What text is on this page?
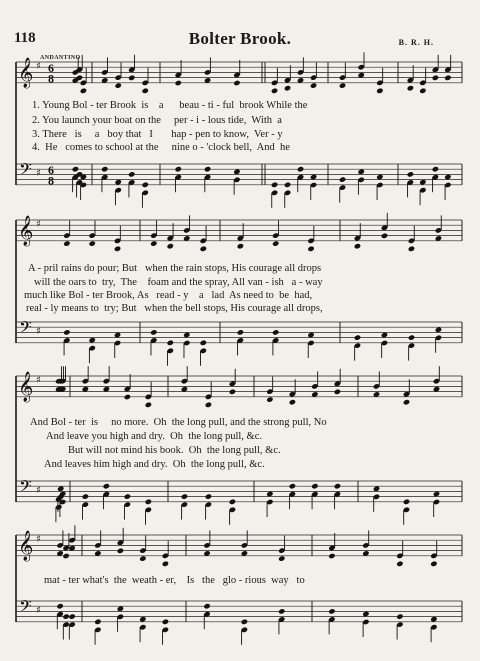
118	Bolter Brook.	B. R. H.
ANDANTINO
𝄞 ♯ 6
8
𝄢 ♯ 6
8
𝄞 ♯
𝄢 ♯
𝄞 ♯
𝄢 ♯
𝄞 ♯
𝄢 ♯
1. Young Bol - ter Brook  is    a      beau - ti - ful  brook While the
2. You launch your boat on the     per - i - lous tide,  With  a
3. There   is     a   boy that   I       hap - pen to know,  Ver - y
4.  He   comes to school at the     nine o - 'clock bell,  And  he
A - pril rains do pour; But   when the rain stops, His courage all drops
will the oars to  try,  The    foam and the spray, All van - ish   a - way
much like Bol - ter Brook, As   read - y    a   lad  As need to  be  had,
real - ly means to  try; But   when the bell stops, His courage all drops,
And Bol - ter  is     no more.  Oh  the long pull, and the strong pull, No
And leave you high and dry.  Oh  the long pull, &c.
But will not mind his book.  Oh  the long pull, &c.
And leaves him high and dry.  Oh  the long pull, &c.
mat - ter what's  the  weath - er,    Is   the   glo - rious  way   to
